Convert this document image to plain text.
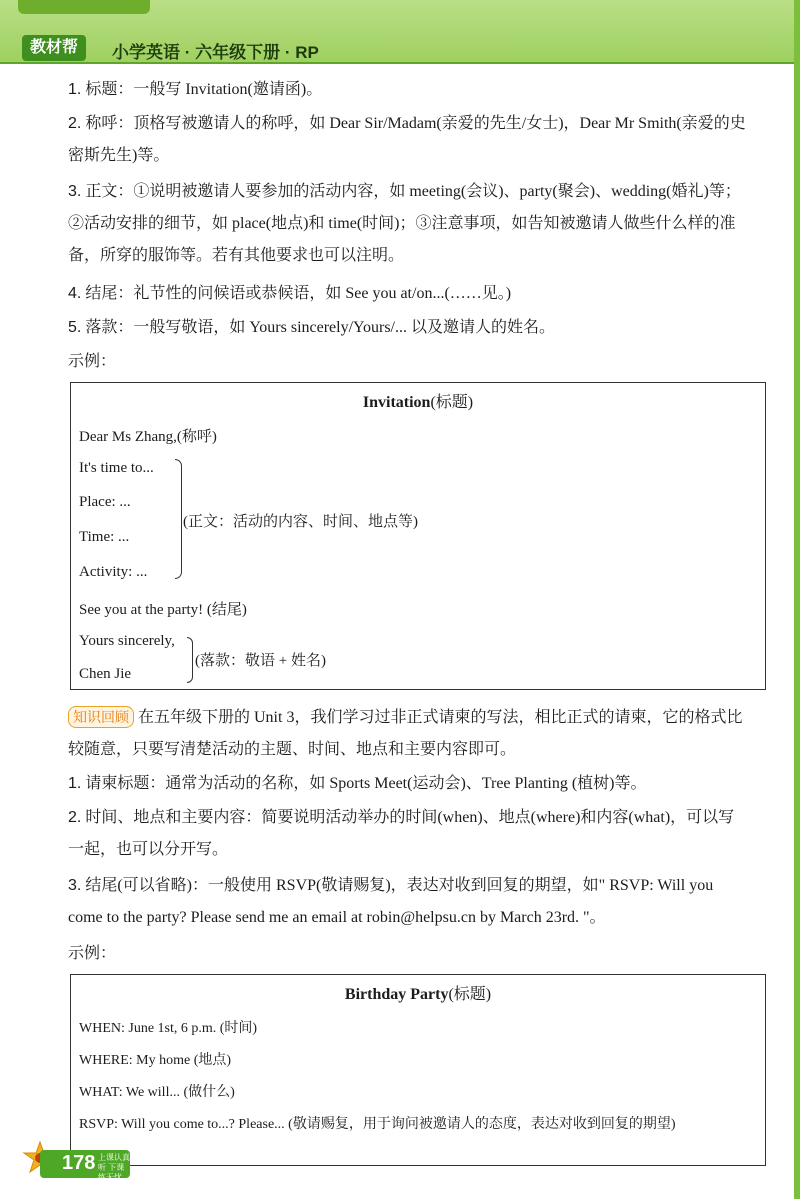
教材帮	小学英语 · 六年级下册 · RP
1. 标题：一般写 Invitation(邀请函)。
2. 称呼：顶格写被邀请人的称呼，如 Dear Sir/Madam(亲爱的先生/女士)，Dear Mr Smith(亲爱的史
密斯先生)等。
3. 正文：①说明被邀请人要参加的活动内容，如 meeting(会议)、party(聚会)、wedding(婚礼)等；
②活动安排的细节，如 place(地点)和 time(时间)；③注意事项，如告知被邀请人做些什么样的准
备，所穿的服饰等。若有其他要求也可以注明。
4. 结尾：礼节性的问候语或恭候语，如 See you at/on...(……见。)
5. 落款：一般写敬语，如 Yours sincerely/Yours/... 以及邀请人的姓名。
示例：
Invitation(标题)
Dear Ms Zhang,(称呼)
It's time to...
Place: ...
Time: ...
Activity: ...
(正文：活动的内容、时间、地点等)
See you at the party! (结尾)
Yours sincerely,
Chen Jie
(落款：敬语 + 姓名)
知识回顾 在五年级下册的 Unit 3，我们学习过非正式请柬的写法，相比正式的请柬，它的格式比
较随意，只要写清楚活动的主题、时间、地点和主要内容即可。
1. 请柬标题：通常为活动的名称，如 Sports Meet(运动会)、Tree Planting (植树)等。
2. 时间、地点和主要内容：简要说明活动举办的时间(when)、地点(where)和内容(what)，可以写
一起，也可以分开写。
3. 结尾(可以省略)：一般使用 RSVP(敬请赐复)，表达对收到回复的期望，如" RSVP: Will you
come to the party? Please send me an email at robin@helpsu.cn by March 23rd. "。
示例：
Birthday Party(标题)
WHEN: June 1st, 6 p.m. (时间)
WHERE: My home (地点)
WHAT: We will... (做什么)
RSVP: Will you come to...? Please... (敬请赐复，用于询问被邀请人的态度，表达对收到回复的期望)
178 上课认真听 下课练无忧
